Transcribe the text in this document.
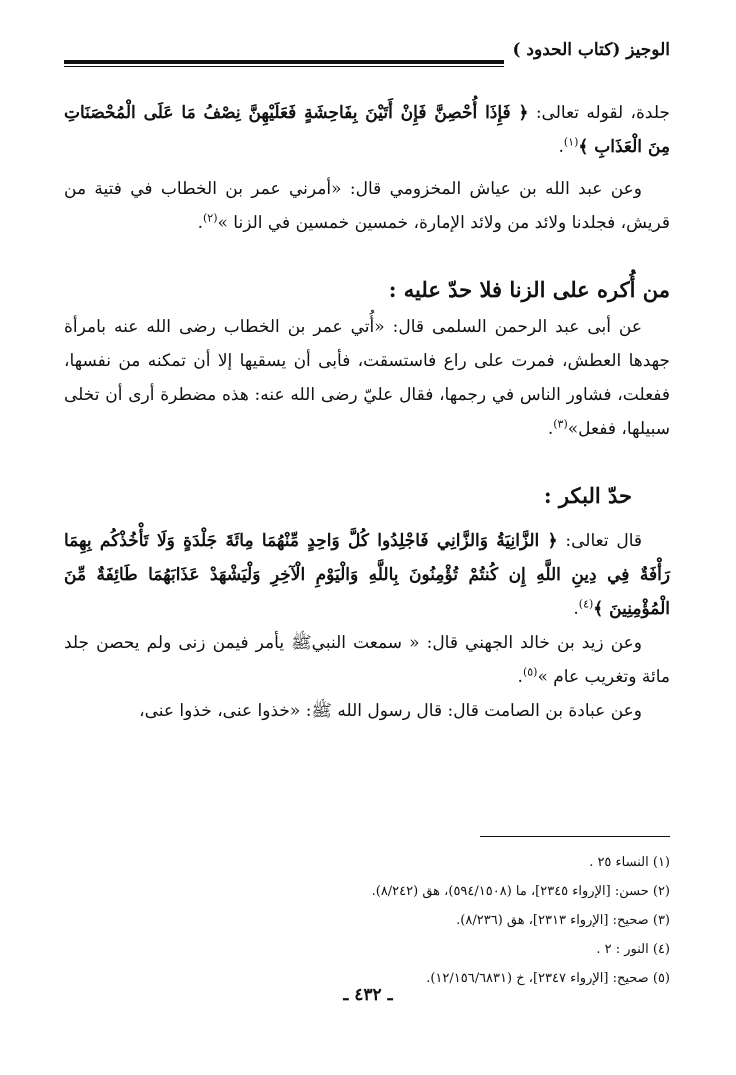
الوجيز (كتاب الحدود )

جلدة، لقوله تعالى: ﴿ فَإِذَا أُحْصِنَّ فَإِنْ أَتَيْنَ بِفَاحِشَةٍ فَعَلَيْهِنَّ نِصْفُ مَا عَلَى الْمُحْصَنَاتِ مِنَ الْعَذَابِ ﴾$^{(١)}$.

وعن عبد الله بن عياش المخزومي قال: «أمرني عمر بن الخطاب في فتية من قريش، فجلدنا ولائد من ولائد الإمارة، خمسين خمسين في الزنا »$^{(٢)}$.

من أُكره على الزنا فلا حدّ عليه :

عن أبى عبد الرحمن السلمى قال: «أُتي عمر بن الخطاب رضى الله عنه بامرأة جهدها العطش، فمرت على راع فاستسقت، فأبى أن يسقيها إلا أن تمكنه من نفسها، ففعلت، فشاور الناس في رجمها، فقال عليّ رضى الله عنه: هذه مضطرة أرى أن تخلى سبيلها، ففعل»$^{(٣)}$.

حدّ البكر :

قال تعالى: ﴿ الزَّانِيَةُ وَالزَّانِي فَاجْلِدُوا كُلَّ وَاحِدٍ مِّنْهُمَا مِائَةَ جَلْدَةٍ وَلَا تَأْخُذْكُم بِهِمَا رَأْفَةٌ فِي دِينِ اللَّهِ إِن كُنتُمْ تُؤْمِنُونَ بِاللَّهِ وَالْيَوْمِ الْآخِرِ وَلْيَشْهَدْ عَذَابَهُمَا طَائِفَةٌ مِّنَ الْمُؤْمِنِينَ ﴾$^{(٤)}$.

وعن زيد بن خالد الجهني قال: « سمعت النبيﷺ يأمر فيمن زنى ولم يحصن جلد مائة وتغريب عام »$^{(٥)}$.

وعن عبادة بن الصامت قال: قال رسول الله ﷺ: «خذوا عنى، خذوا عنى،

(١) النساء ٢٥ .

(٢) حسن: [الإرواء ٢٣٤٥]، ما (٥٩٤/١٥٠٨)، هق (٨/٢٤٢).

(٣) صحيح: [الإرواء ٢٣١٣]، هق (٨/٢٣٦).

(٤) النور : ٢ .

(٥) صحيح: [الإرواء ٢٣٤٧]، خ (١٢/١٥٦/٦٨٣١).

ـ ٤٣٢ ـ
